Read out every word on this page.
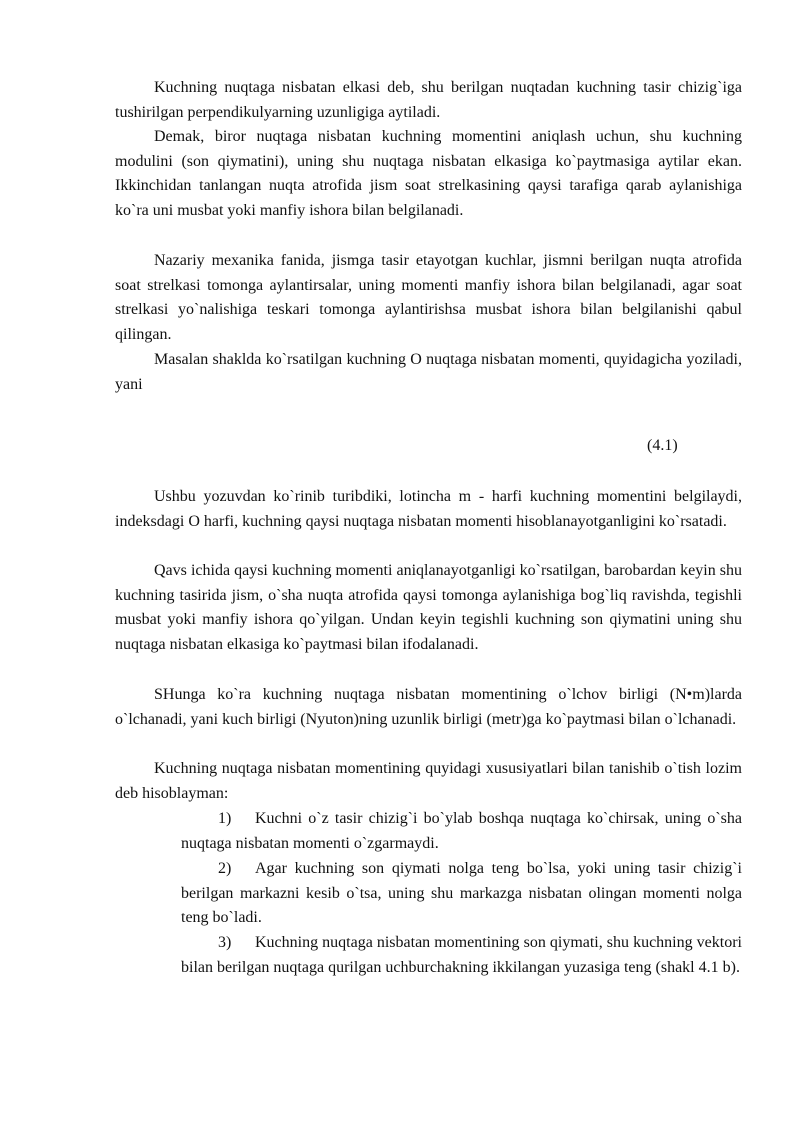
Kuchning nuqtaga nisbatan elkasi deb, shu berilgan nuqtadan kuchning tasir chizig`iga tushirilgan perpendikulyarning uzunligiga aytiladi.

Demak, biror nuqtaga nisbatan kuchning momentini aniqlash uchun, shu kuchning modulini (son qiymatini), uning shu nuqtaga nisbatan elkasiga ko`paytmasiga aytilar ekan. Ikkinchidan tanlangan nuqta atrofida jism soat strelkasining qaysi tarafiga qarab aylanishiga ko`ra uni musbat yoki manfiy ishora bilan belgilanadi.

Nazariy mexanika fanida, jismga tasir etayotgan kuchlar, jismni berilgan nuqta atrofida soat strelkasi tomonga aylantirsalar, uning momenti manfiy ishora bilan belgilanadi, agar soat strelkasi yo`nalishiga teskari tomonga aylantirishsa musbat ishora bilan belgilanishi qabul qilingan.

Masalan shaklda ko`rsatilgan kuchning O nuqtaga nisbatan momenti, quyidagicha yoziladi, yani

(4.1)

Ushbu yozuvdan ko`rinib turibdiki, lotincha m - harfi kuchning momentini belgilaydi, indeksdagi O harfi, kuchning qaysi nuqtaga nisbatan momenti hisoblanayotganligini ko`rsatadi.

Qavs ichida qaysi kuchning momenti aniqlanayotganligi ko`rsatilgan, barobardan keyin shu kuchning tasirida jism, o`sha nuqta atrofida qaysi tomonga aylanishiga bog`liq ravishda, tegishli musbat yoki manfiy ishora qo`yilgan. Undan keyin tegishli kuchning son qiymatini uning shu nuqtaga nisbatan elkasiga ko`paytmasi bilan ifodalanadi.

SHunga ko`ra kuchning nuqtaga nisbatan momentining o`lchov birligi (N•m)larda o`lchanadi, yani kuch birligi (Nyuton)ning uzunlik birligi (metr)ga ko`paytmasi bilan o`lchanadi.

Kuchning nuqtaga nisbatan momentining quyidagi xususiyatlari bilan tanishib o`tish lozim deb hisoblayman:

1) Kuchni o`z tasir chizig`i bo`ylab boshqa nuqtaga ko`chirsak, uning o`sha nuqtaga nisbatan momenti o`zgarmaydi.

2) Agar kuchning son qiymati nolga teng bo`lsa, yoki uning tasir chizig`i berilgan markazni kesib o`tsa, uning shu markazga nisbatan olingan momenti nolga teng bo`ladi.

3) Kuchning nuqtaga nisbatan momentining son qiymati, shu kuchning vektori bilan berilgan nuqtaga qurilgan uchburchakning ikkilangan yuzasiga teng (shakl 4.1 b).
